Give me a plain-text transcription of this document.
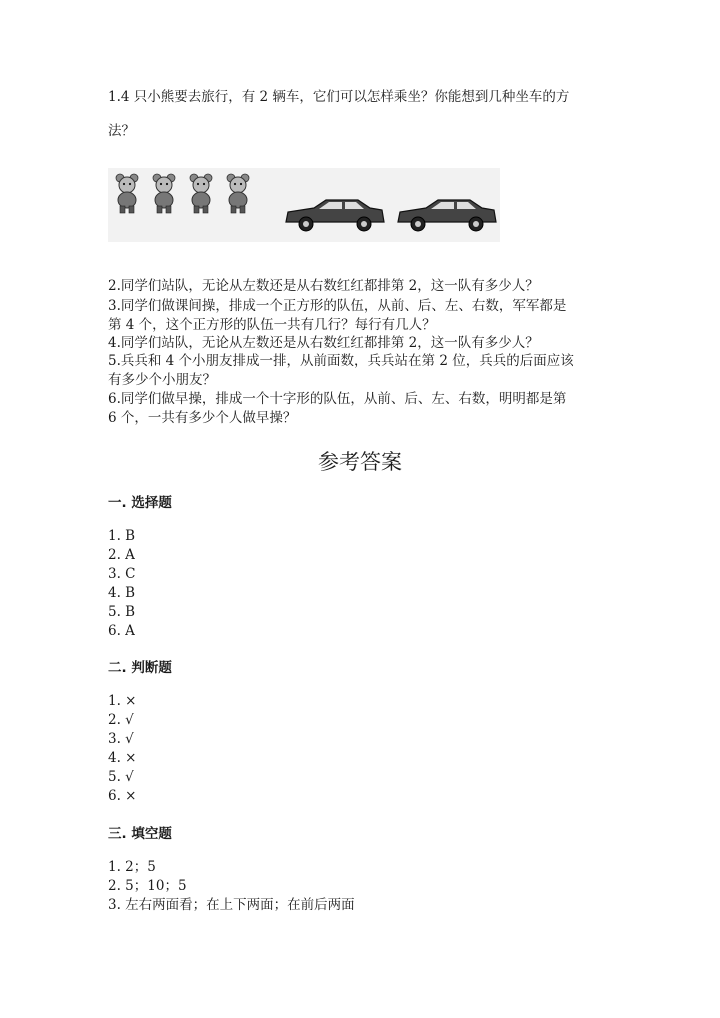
1.4 只小熊要去旅行，有 2 辆车，它们可以怎样乘坐？你能想到几种坐车的方
法？
2.同学们站队，无论从左数还是从右数红红都排第 2，这一队有多少人？
3.同学们做课间操，排成一个正方形的队伍，从前、后、左、右数，军军都是
第 4 个，这个正方形的队伍一共有几行？每行有几人？
4.同学们站队，无论从左数还是从右数红红都排第 2，这一队有多少人？
5.兵兵和 4 个小朋友排成一排，从前面数，兵兵站在第 2 位，兵兵的后面应该
有多少个小朋友？
6.同学们做早操，排成一个十字形的队伍，从前、后、左、右数，明明都是第
6 个，一共有多少个人做早操？
参考答案
一. 选择题
1. B
2. A
3. C
4. B
5. B
6. A
二. 判断题
1. ×
2. √
3. √
4. ×
5. √
6. ×
三. 填空题
1. 2；5
2. 5；10；5
3. 左右两面看；在上下两面；在前后两面
